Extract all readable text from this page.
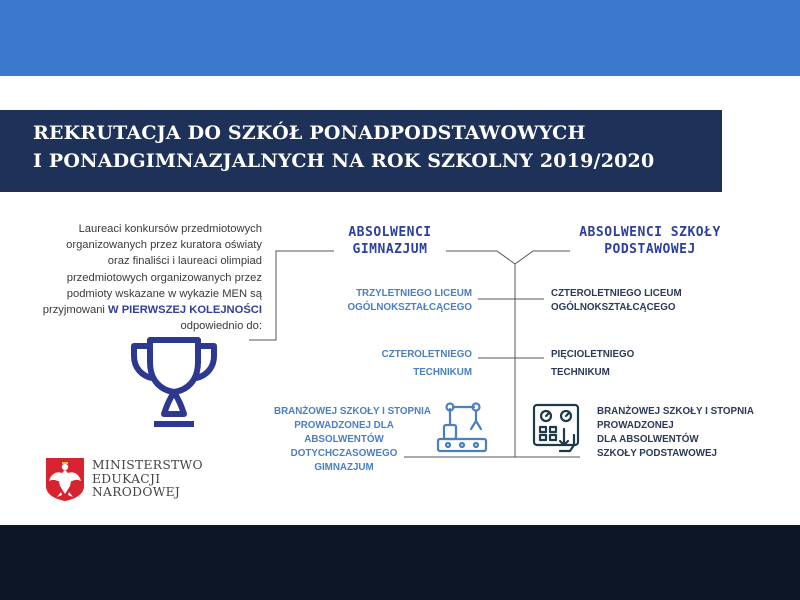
REKRUTACJA DO SZKÓŁ PONADPODSTAWOWYCH
I PONADGIMNAZJALNYCH NA ROK SZKOLNY 2019/2020
Laureaci konkursów przedmiotowych
organizowanych przez kuratora oświaty
oraz finaliści i laureaci olimpiad
przedmiotowych organizowanych przez
podmioty wskazane w wykazie MEN są
przyjmowani W PIERWSZEJ KOLEJNOŚCI
odpowiednio do:
ABSOLWENCI
GIMNAZJUM
ABSOLWENCI SZKOŁY
PODSTAWOWEJ
TRZYLETNIEGO LICEUM
OGÓLNOKSZTAŁCĄCEGO
CZTEROLETNIEGO
TECHNIKUM
BRANŻOWEJ SZKOŁY I STOPNIA
PROWADZONEJ DLA
ABSOLWENTÓW
DOTYCHCZASOWEGO
GIMNAZJUM
CZTEROLETNIEGO LICEUM
OGÓLNOKSZTAŁCĄCEGO
PIĘCIOLETNIEGO
TECHNIKUM
BRANŻOWEJ SZKOŁY I STOPNIA
PROWADZONEJ
DLA ABSOLWENTÓW
SZKOŁY PODSTAWOWEJ
MINISTERSTWO
EDUKACJI
NARODOWEJ
